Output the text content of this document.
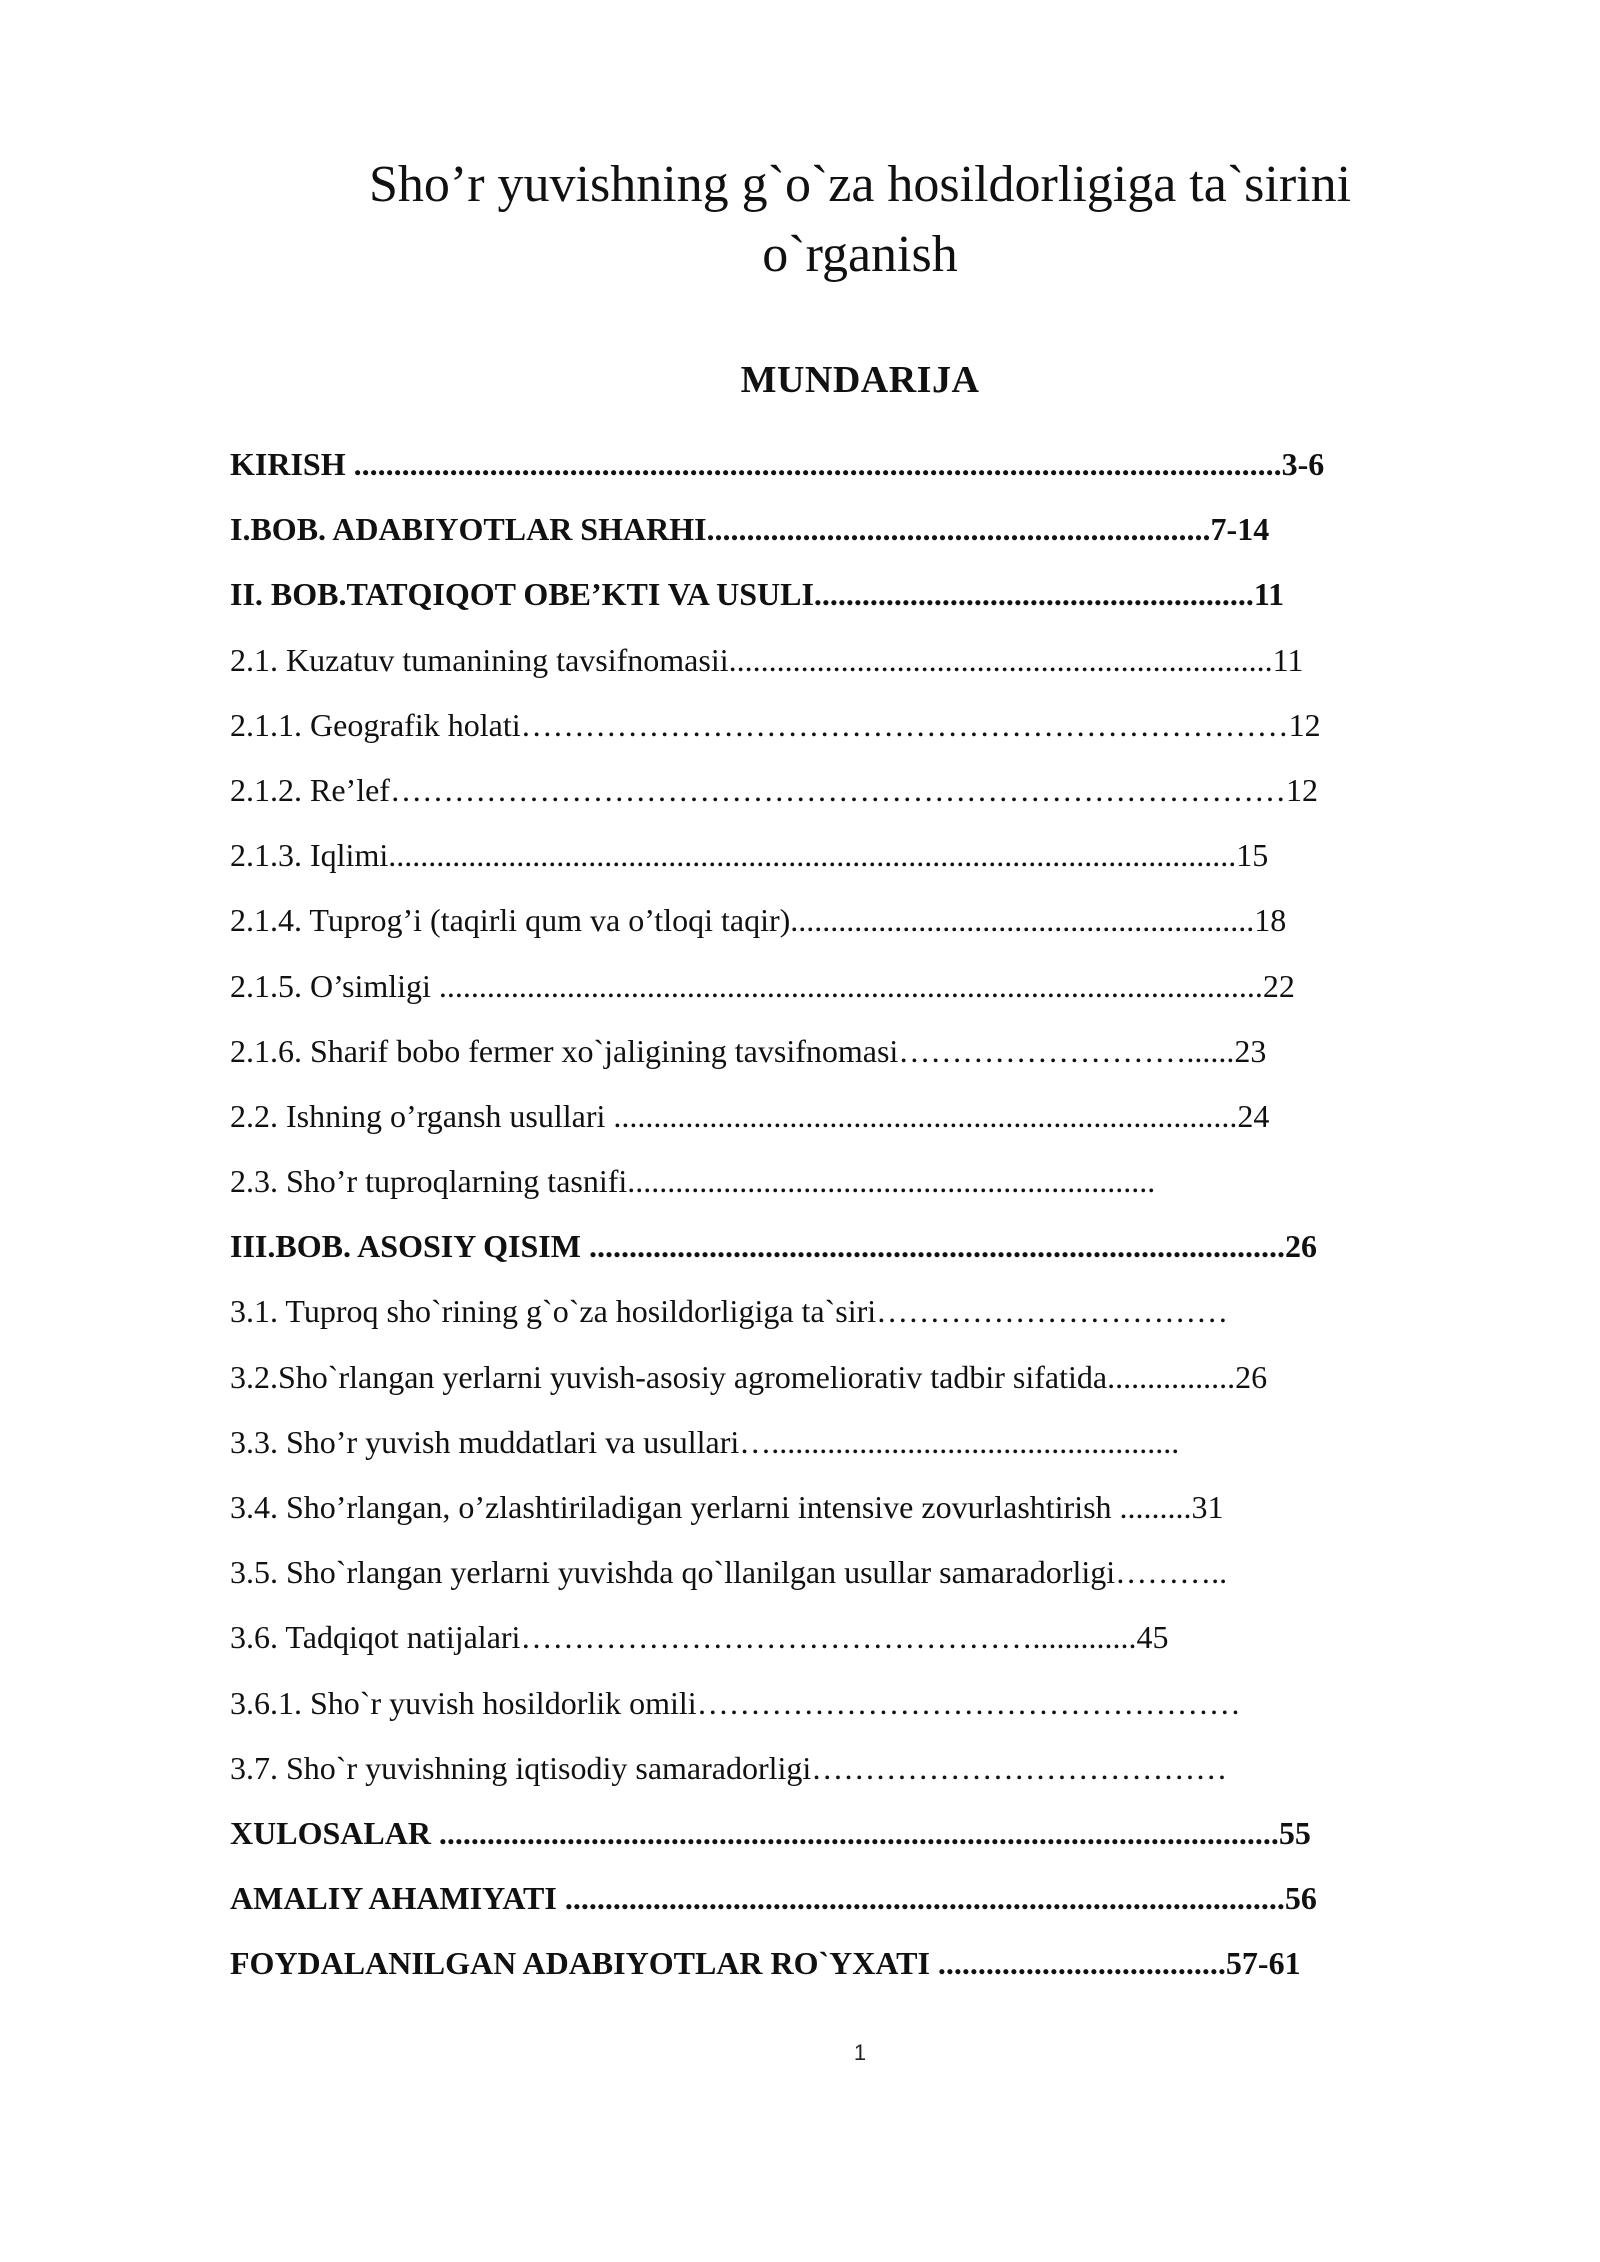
Sho’r yuvishning g`o`za hosildorligiga ta`sirini
o`rganish
MUNDARIJA
KIRISH ....................................................................................................................3-6
I.BOB. ADABIYOTLAR SHARHI...............................................................7-14
II. BOB.TATQIQOT OBE’KTI VA USULI.......................................................11
2.1. Kuzatuv tumanining tavsifnomasii....................................................................11
2.1.1. Geografik holati………………………………………………………………12
2.1.2. Re’lef…………………………………………………………………………12
2.1.3. Iqlimi..........................................................................................................15
2.1.4. Tuprog’i (taqirli qum va o’tloqi taqir)..........................................................18
2.1.5. O’simligi .......................................................................................................22
2.1.6. Sharif bobo fermer xo`jaligining tavsifnomasi………………………......23
2.2. Ishning o’rgansh usullari ..............................................................................24
2.3. Sho’r tuproqlarning tasnifi..................................................................
III.BOB. ASOSIY QISIM .......................................................................................26
3.1. Tuproq sho`rining g`o`za hosildorligiga ta`siri……………………………
3.2.Sho`rlangan yerlarni yuvish-asosiy agromeliorativ tadbir sifatida................26
3.3. Sho’r yuvish muddatlari va usullari…...................................................
3.4. Sho’rlangan, o’zlashtiriladigan yerlarni intensive zovurlashtirish .........31
3.5. Sho`rlangan yerlarni yuvishda qo`llanilgan usullar samaradorligi………..
3.6. Tadqiqot natijalari………………………………………….............45
3.6.1. Sho`r yuvish hosildorlik omili……………………………………………
3.7. Sho`r yuvishning iqtisodiy samaradorligi…………………………………
XULOSALAR .........................................................................................................55
AMALIY AHAMIYATI ..........................................................................................56
FOYDALANILGAN ADABIYOTLAR RO`YXATI ....................................57-61
1
